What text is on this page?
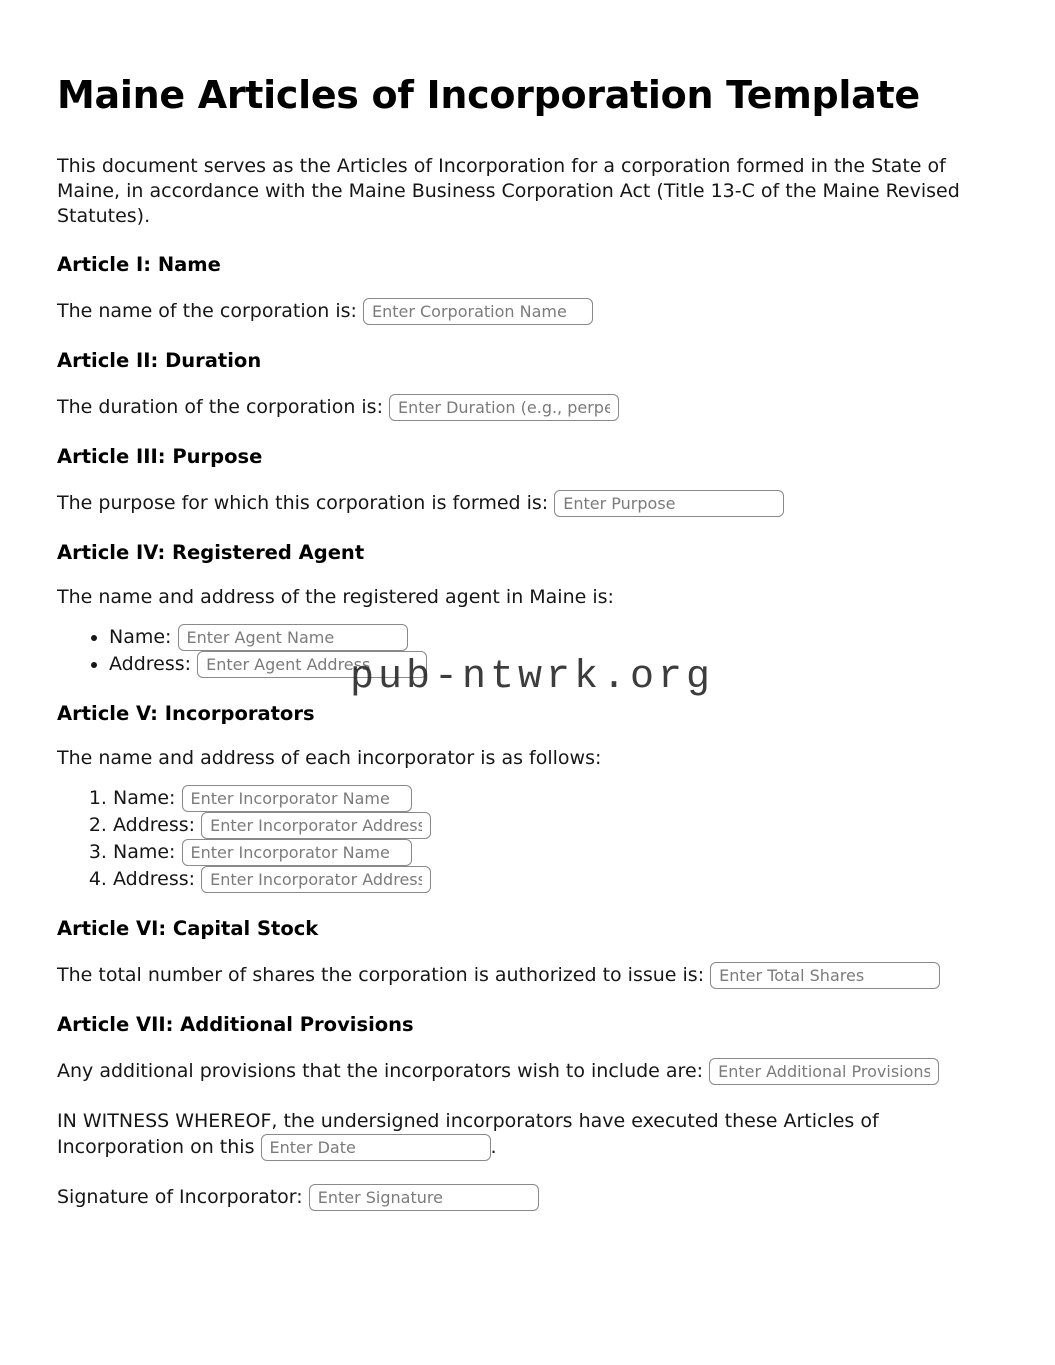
Maine Articles of Incorporation Template

This document serves as the Articles of Incorporation for a corporation formed in the State of Maine, in accordance with the Maine Business Corporation Act (Title 13-C of the Maine Revised Statutes).

Article I: Name

The name of the corporation is: Enter Corporation Name

Article II: Duration

The duration of the corporation is: Enter Duration (e.g., perpe

Article III: Purpose

The purpose for which this corporation is formed is: Enter Purpose

Article IV: Registered Agent

The name and address of the registered agent in Maine is:

• Name: Enter Agent Name
• Address: Enter Agent Address
Article V: Incorporators

The name and address of each incorporator is as follows:

1. Name: Enter Incorporator Name
2. Address: Enter Incorporator Address
3. Name: Enter Incorporator Name
4. Address: Enter Incorporator Address
Article VI: Capital Stock

The total number of shares the corporation is authorized to issue is: Enter Total Shares

Article VII: Additional Provisions

Any additional provisions that the incorporators wish to include are: Enter Additional Provisions

IN WITNESS WHEREOF, the undersigned incorporators have executed these Articles of Incorporation on this Enter Date	.

Signature of Incorporator: Enter Signature

pub-ntwrk.org
